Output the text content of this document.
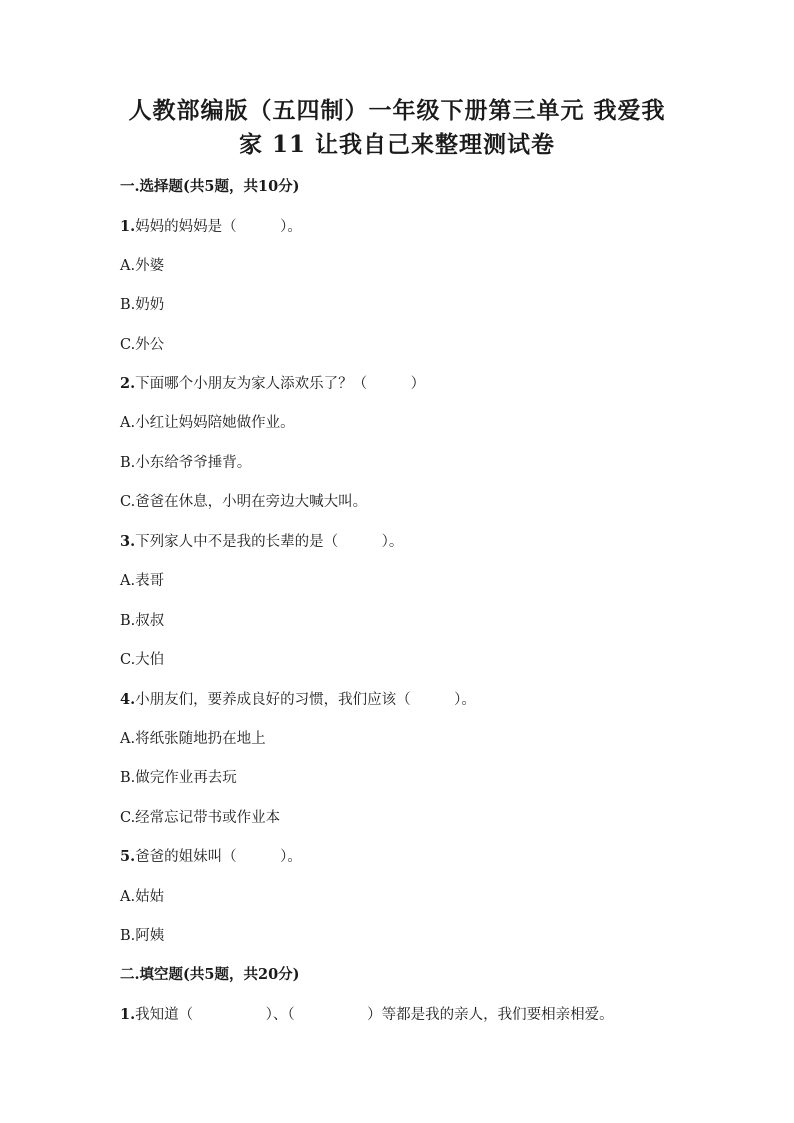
人教部编版（五四制）一年级下册第三单元 我爱我
家 11 让我自己来整理测试卷
一.选择题(共5题，共10分)
1.妈妈的妈妈是（　　　）。
A.外婆
B.奶奶
C.外公
2.下面哪个小朋友为家人添欢乐了？（　　　）
A.小红让妈妈陪她做作业。
B.小东给爷爷捶背。
C.爸爸在休息，小明在旁边大喊大叫。
3.下列家人中不是我的长辈的是（　　　）。
A.表哥
B.叔叔
C.大伯
4.小朋友们，要养成良好的习惯，我们应该（　　　）。
A.将纸张随地扔在地上
B.做完作业再去玩
C.经常忘记带书或作业本
5.爸爸的姐妹叫（　　　）。
A.姑姑
B.阿姨
二.填空题(共5题，共20分)
1.我知道（　　　　　）、（　　　　　）等都是我的亲人，我们要相亲相爱。
